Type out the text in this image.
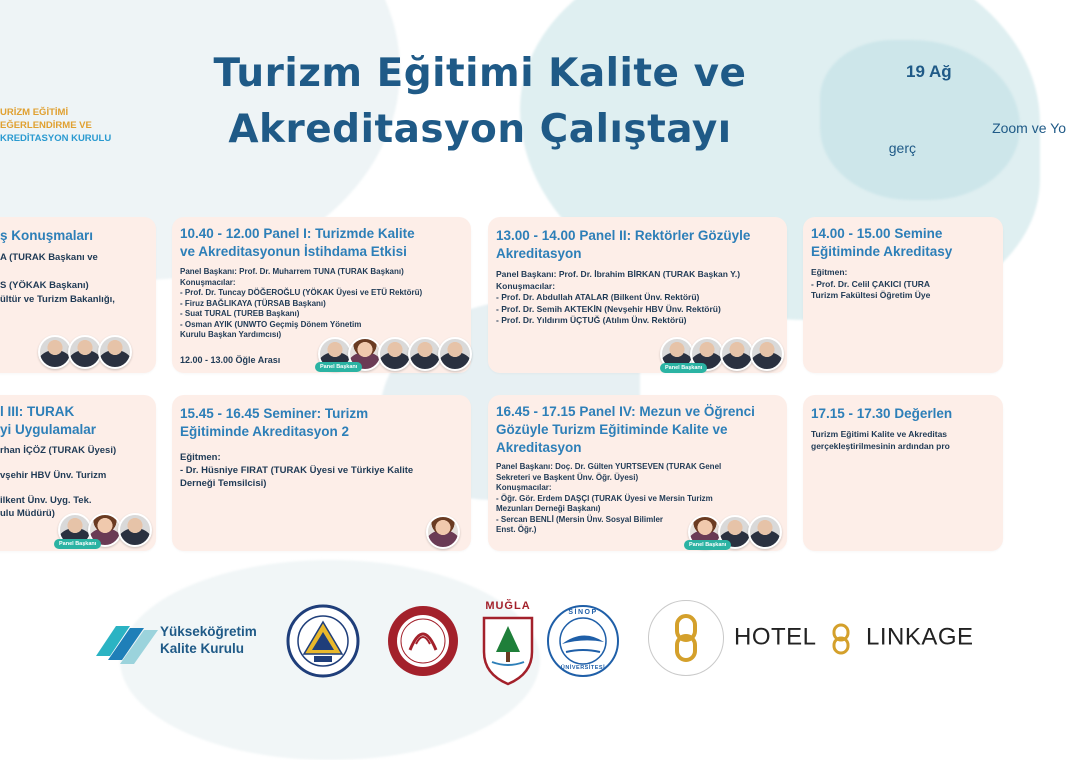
URİZM EĞİTİMİ
EĞERLENDİRME VE
KREDİTASYON KURULU
Turizm Eğitimi Kalite ve
Akreditasyon Çalıştayı
19 Ağ
Zoom ve Yo
gerç
ş Konuşmaları
A (TURAK Başkanı ve

S (YÖKAK Başkanı)
ültür ve Turizm Bakanlığı,
10.40 - 12.00 Panel I: Turizmde Kalite
ve Akreditasyonun İstihdama Etkisi
Panel Başkanı: Prof. Dr. Muharrem TUNA (TURAK Başkanı)
Konuşmacılar:
- Prof. Dr. Tuncay DÖĞEROĞLU (YÖKAK Üyesi ve ETÜ Rektörü)
- Firuz BAĞLIKAYA (TÜRSAB Başkanı)
- Suat TURAL (TUREB Başkanı)
- Osman AYIK (UNWTO Geçmiş Dönem Yönetim
Kurulu Başkan Yardımcısı)
12.00 - 13.00 Öğle Arası
Panel Başkanı
13.00 - 14.00 Panel II: Rektörler Gözüyle
Akreditasyon
Panel Başkanı: Prof. Dr. İbrahim BİRKAN (TURAK Başkan Y.)
Konuşmacılar:
- Prof. Dr. Abdullah ATALAR (Bilkent Ünv. Rektörü)
- Prof. Dr. Semih AKTEKİN (Nevşehir HBV Ünv. Rektörü)
- Prof. Dr. Yıldırım ÜÇTUĞ (Atılım Ünv. Rektörü)
Panel Başkanı
14.00 - 15.00 Semine
Eğitiminde Akreditasy
Eğitmen:
- Prof. Dr. Celil ÇAKICI (TURA
Turizm Fakültesi Öğretim Üye
l III: TURAK
yi Uygulamalar
rhan İÇÖZ (TURAK Üyesi)

vşehir HBV Ünv. Turizm

ilkent Ünv. Uyg. Tek.
ulu Müdürü)
Panel Başkanı
15.45 - 16.45 Seminer: Turizm
Eğitiminde Akreditasyon 2
Eğitmen:
- Dr. Hüsniye FIRAT (TURAK Üyesi ve Türkiye Kalite
Derneği Temsilcisi)
16.45 - 17.15 Panel IV: Mezun ve Öğrenci
Gözüyle Turizm Eğitiminde Kalite ve
Akreditasyon
Panel Başkanı: Doç. Dr. Gülten YURTSEVEN (TURAK Genel
Sekreteri ve Başkent Ünv. Öğr. Üyesi)
Konuşmacılar:
- Öğr. Gör. Erdem DAŞÇI (TURAK Üyesi ve Mersin Turizm
Mezunları Derneği Başkanı)
- Sercan BENLİ (Mersin Ünv. Sosyal Bilimler
Enst. Öğr.)
Panel Başkanı
17.15 - 17.30 Değerlen
Turizm Eğitimi Kalite ve Akreditas
gerçekleştirilmesinin ardından pro
Yükseköğretim
Kalite Kurulu
MUĞLA
SİNOP
ÜNİVERSİTESİ
HOTEL LINKAGE
